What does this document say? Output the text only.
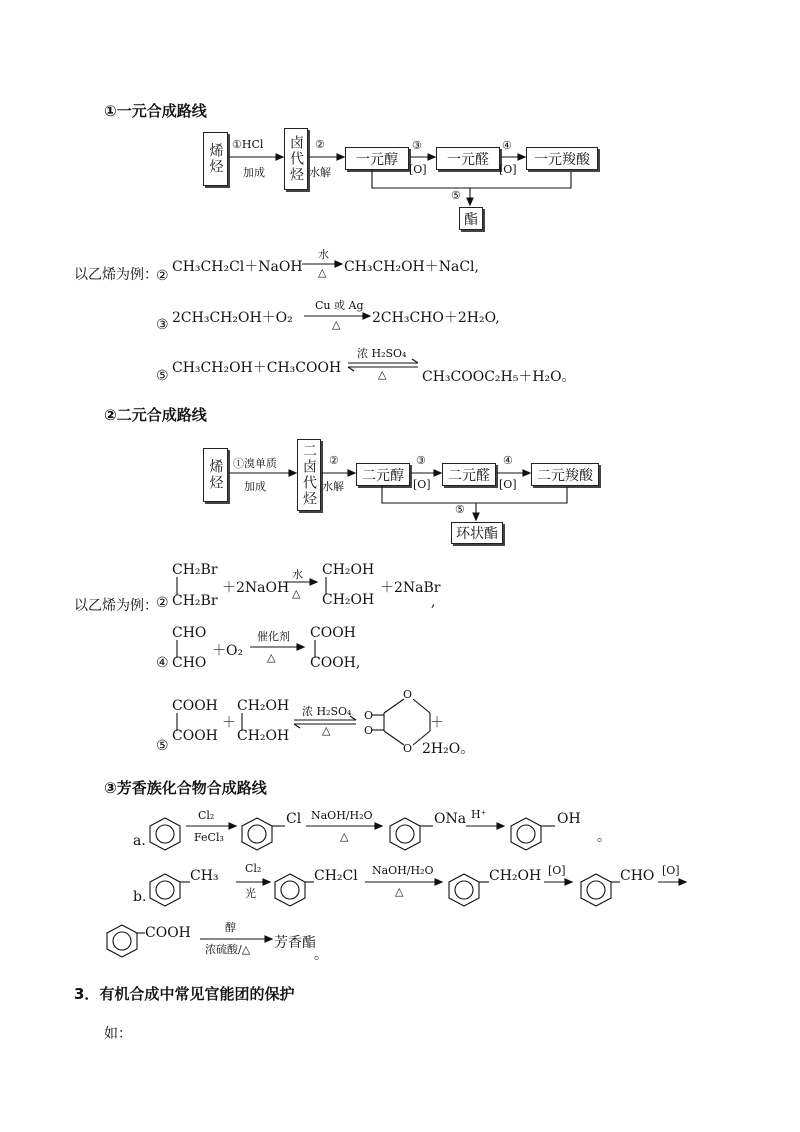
①一元合成路线
烯烃 ①HCl
加成 卤代烃	②
水解
一元醇
③
[O]
一元醛
④
[O]
一元羧酸
⑤
酯
以乙烯为例：
②
CH₃CH₂Cl＋NaOH
水
△ CH₃CH₂OH＋NaCl,
③ 2CH₃CH₂OH＋O₂
Cu 或 Ag
△ 2CH₃CHO＋2H₂O,
⑤ CH₃CH₂OH＋CH₃COOH
浓 H₂SO₄
△	CH₃COOC₂H₅＋H₂O。
②二元合成路线
烯烃 ①溴单质
加成	二卤代烃	②
水解
二元醇
③
[O]
二元醛
④
[O]
二元羧酸
⑤
环状酯
以乙烯为例：
②
CH₂Br
CH₂Br
＋2NaOH
水
△
CH₂OH
CH₂OH
＋2NaBr
,
④
CHO
CHO
＋O₂
催化剂
△
COOH
COOH,
⑤
COOH
COOH
＋
CH₂OH
CH₂OH
浓 H₂SO₄
△
O
O
O
O	＋
2H₂O。
③芳香族化合物合成路线
a.
Cl₂
FeCl₃
Cl NaOH/H₂O
△
ONa H⁺	OH
。
b.
CH₃ Cl₂
光
CH₂Cl NaOH/H₂O
△
CH₂OH [O]	CHO [O]
COOH	醇
浓硫酸/△ 芳香酯
。
3．有机合成中常见官能团的保护
如：
